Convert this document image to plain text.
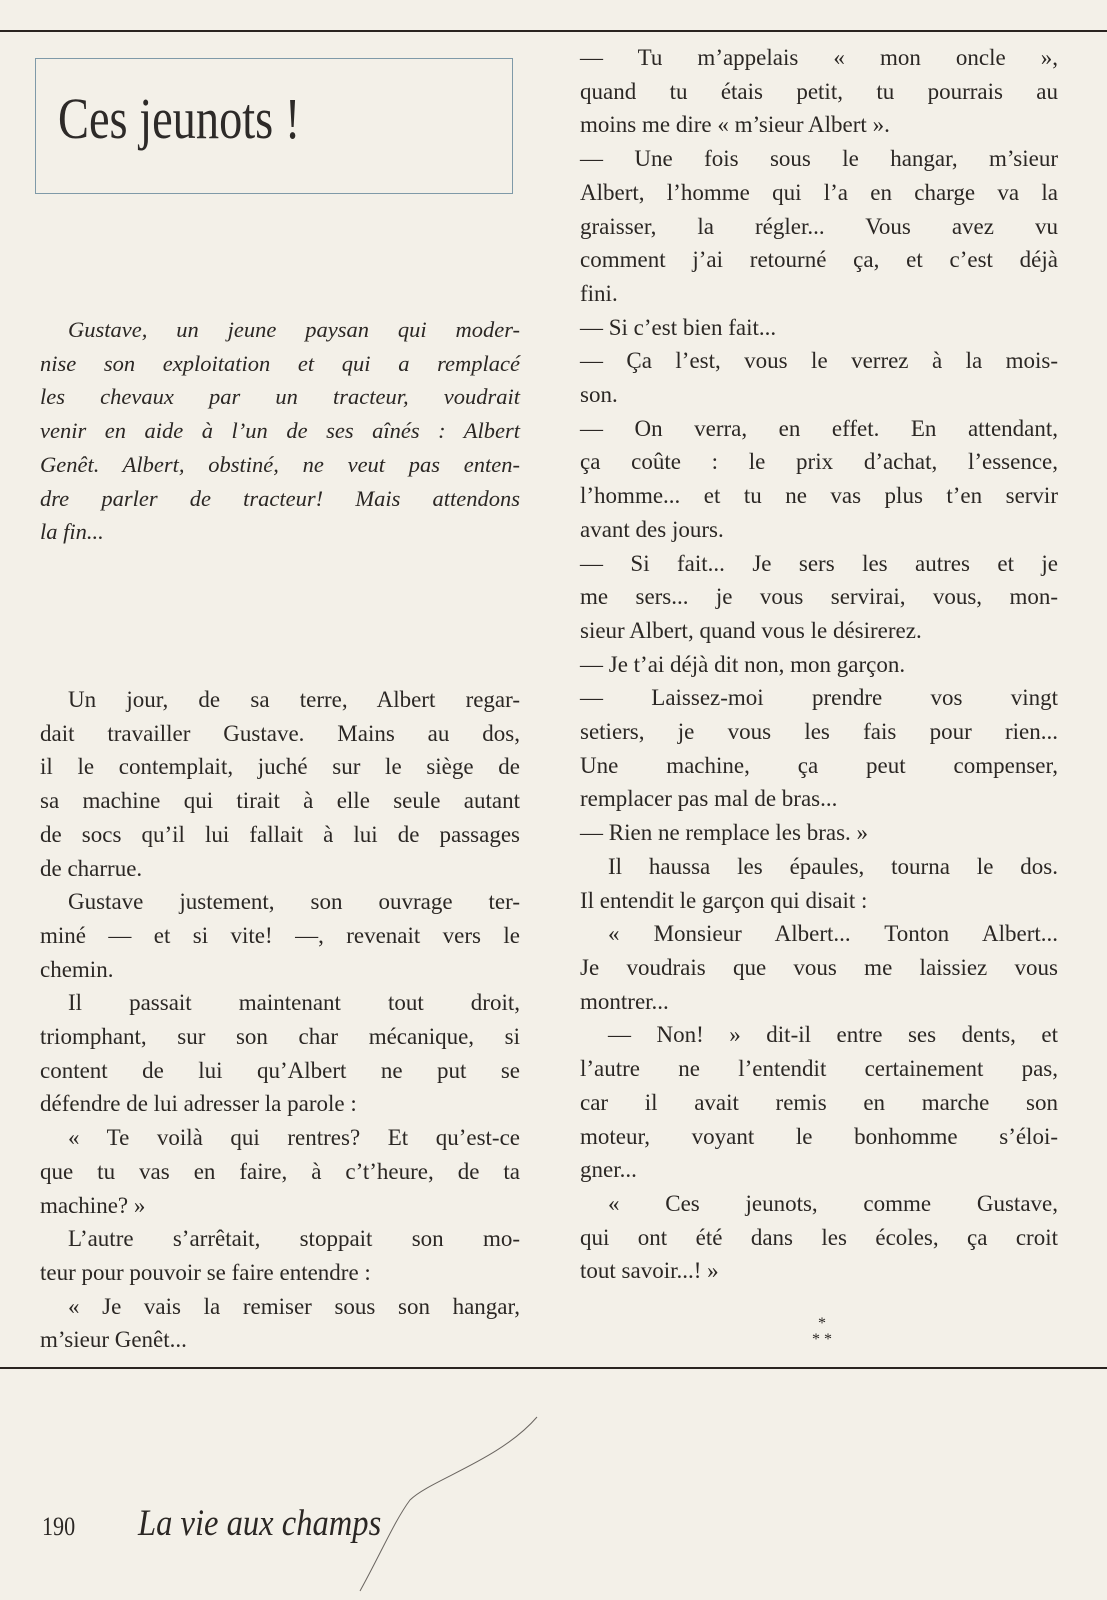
Ces jeunots !
Gustave, un jeune paysan qui moder-
nise son exploitation et qui a remplacé
les chevaux par un tracteur, voudrait
venir en aide à l’un de ses aînés : Albert
Genêt. Albert, obstiné, ne veut pas enten-
dre parler de tracteur! Mais attendons
la fin...
Un jour, de sa terre, Albert regar-
dait travailler Gustave. Mains au dos,
il le contemplait, juché sur le siège de
sa machine qui tirait à elle seule autant
de socs qu’il lui fallait à lui de passages
de charrue.
Gustave justement, son ouvrage ter-
miné — et si vite! —, revenait vers le
chemin.
Il passait maintenant tout droit,
triomphant, sur son char mécanique, si
content de lui qu’Albert ne put se
défendre de lui adresser la parole :
« Te voilà qui rentres? Et qu’est-ce
que tu vas en faire, à c’t’heure, de ta
machine? »
L’autre s’arrêtait, stoppait son mo-
teur pour pouvoir se faire entendre :
« Je vais la remiser sous son hangar,
m’sieur Genêt...
— Tu m’appelais « mon oncle »,
quand tu étais petit, tu pourrais au
moins me dire « m’sieur Albert ».
— Une fois sous le hangar, m’sieur
Albert, l’homme qui l’a en charge va la
graisser, la régler... Vous avez vu
comment j’ai retourné ça, et c’est déjà
fini.
— Si c’est bien fait...
— Ça l’est, vous le verrez à la mois-
son.
— On verra, en effet. En attendant,
ça coûte : le prix d’achat, l’essence,
l’homme... et tu ne vas plus t’en servir
avant des jours.
— Si fait... Je sers les autres et je
me sers... je vous servirai, vous, mon-
sieur Albert, quand vous le désirerez.
— Je t’ai déjà dit non, mon garçon.
— Laissez-moi prendre vos vingt
setiers, je vous les fais pour rien...
Une machine, ça peut compenser,
remplacer pas mal de bras...
— Rien ne remplace les bras. »
Il haussa les épaules, tourna le dos.
Il entendit le garçon qui disait :
« Monsieur Albert... Tonton Albert...
Je voudrais que vous me laissiez vous
montrer...
— Non! » dit-il entre ses dents, et
l’autre ne l’entendit certainement pas,
car il avait remis en marche son
moteur, voyant le bonhomme s’éloi-
gner...
« Ces jeunots, comme Gustave,
qui ont été dans les écoles, ça croit
tout savoir...! »
*
* *
190 La vie aux champs
